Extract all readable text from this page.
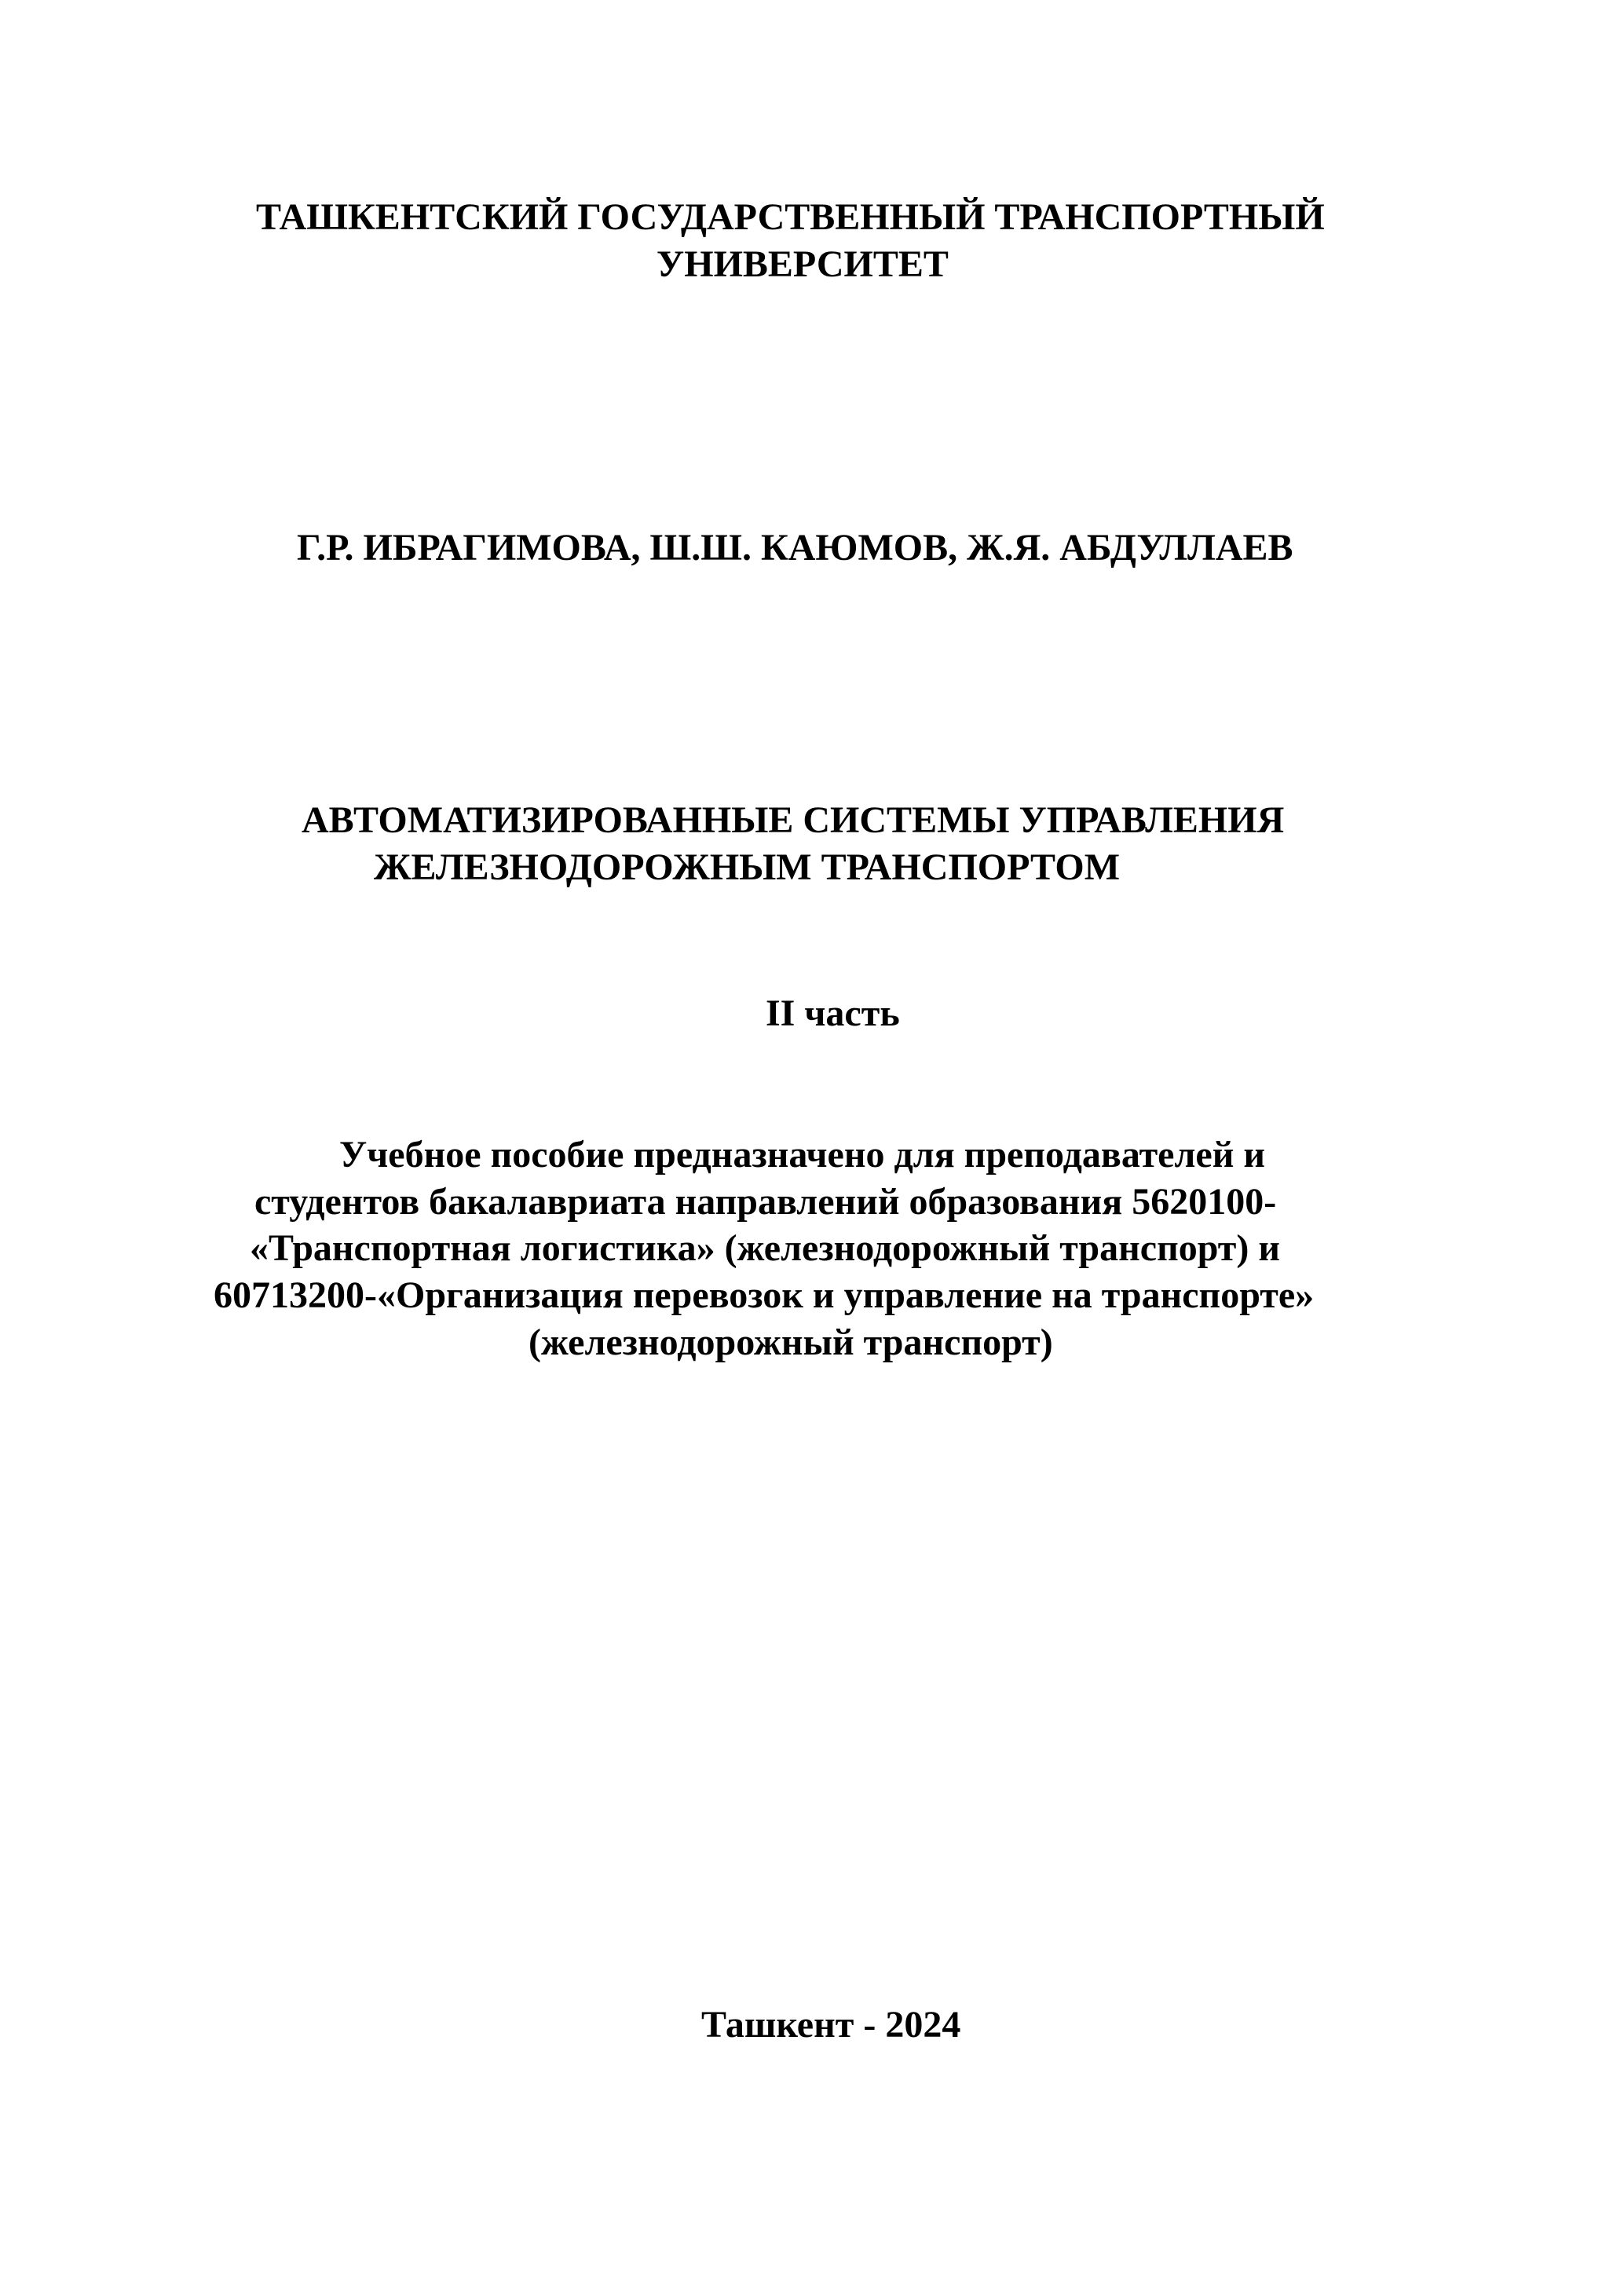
ТАШКЕНТСКИЙ ГОСУДАРСТВЕННЫЙ ТРАНСПОРТНЫЙ
УНИВЕРСИТЕТ
Г.Р. ИБРАГИМОВА, Ш.Ш. КАЮМОВ, Ж.Я. АБДУЛЛАЕВ
АВТОМАТИЗИРОВАННЫЕ СИСТЕМЫ УПРАВЛЕНИЯ
ЖЕЛЕЗНОДОРОЖНЫМ ТРАНСПОРТОМ
II часть
Учебное пособие предназначено для преподавателей и
студентов бакалавриата направлений образования 5620100-
«Транспортная логистика» (железнодорожный транспорт) и
60713200-«Организация перевозок и управление на транспорте»
(железнодорожный транспорт)
Ташкент - 2024
